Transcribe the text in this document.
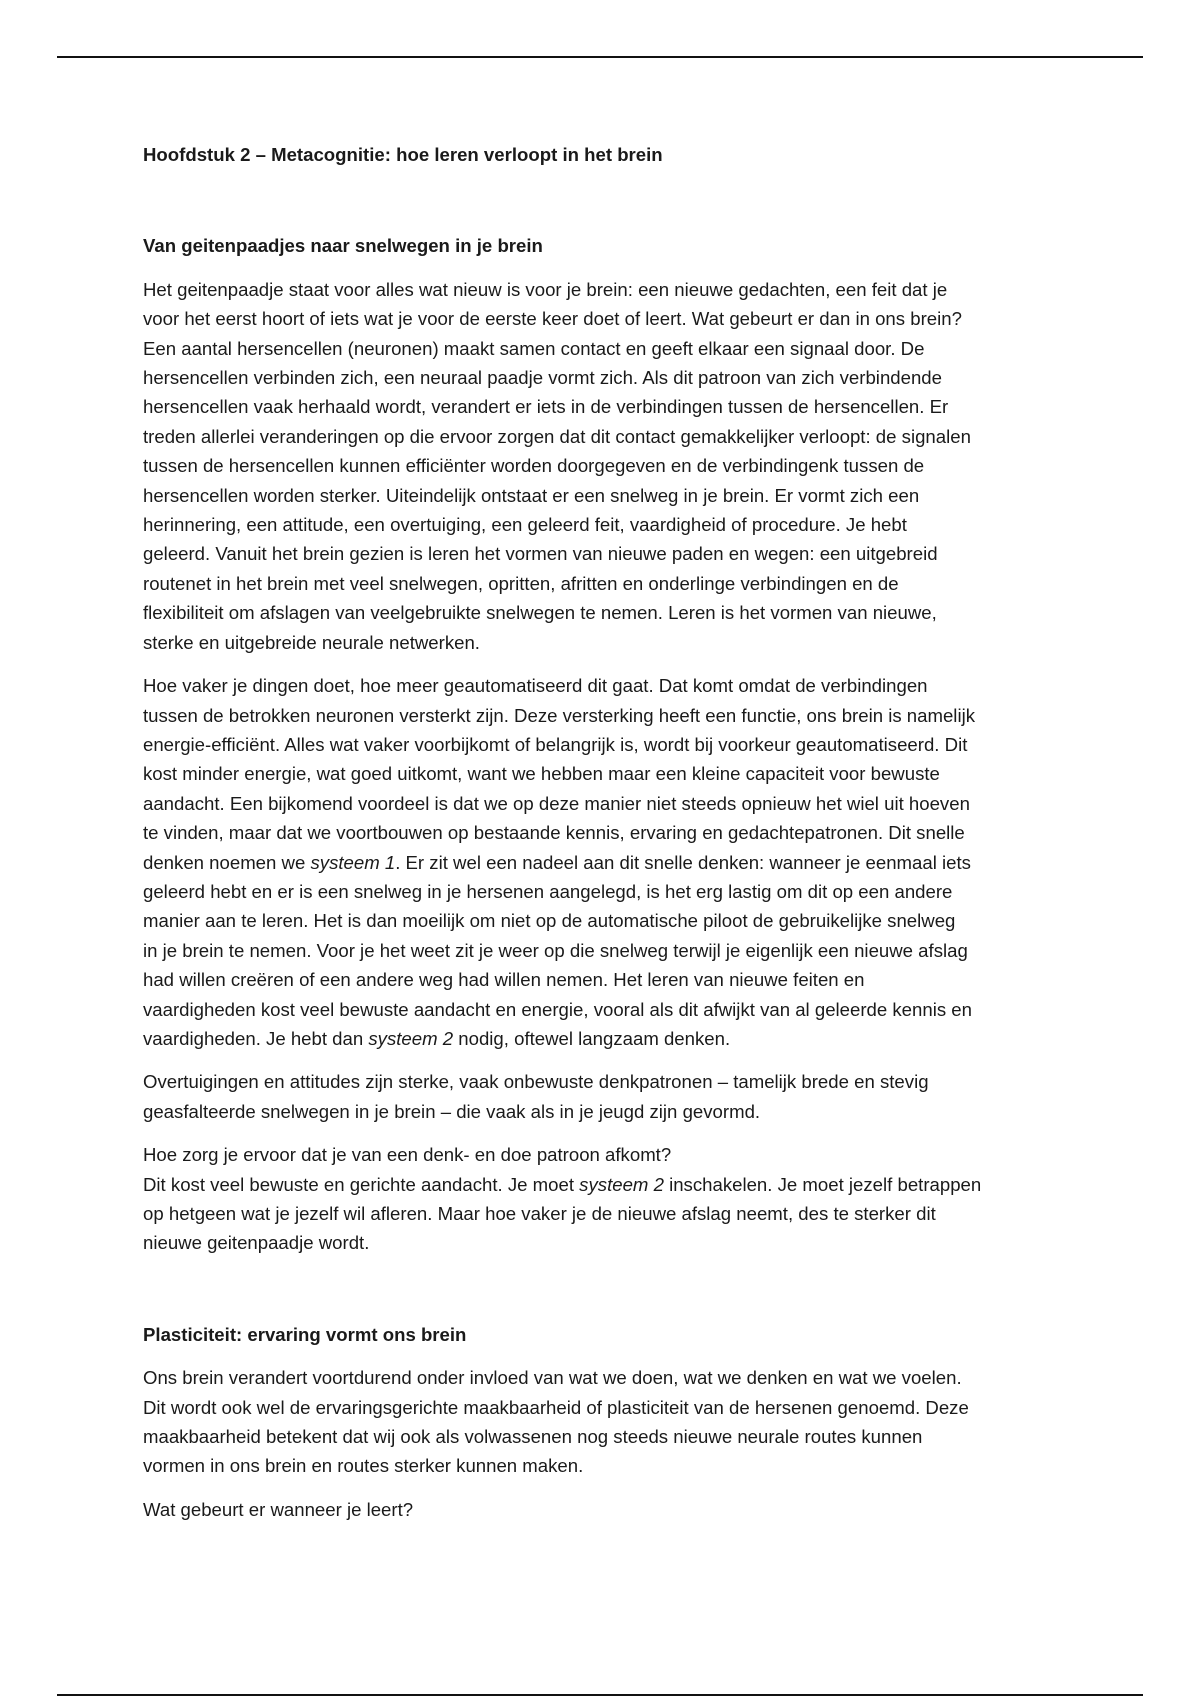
Hoofdstuk 2 – Metacognitie: hoe leren verloopt in het brein

Van geitenpaadjes naar snelwegen in je brein

Het geitenpaadje staat voor alles wat nieuw is voor je brein: een nieuwe gedachten, een feit dat je
voor het eerst hoort of iets wat je voor de eerste keer doet of leert. Wat gebeurt er dan in ons brein?
Een aantal hersencellen (neuronen) maakt samen contact en geeft elkaar een signaal door. De
hersencellen verbinden zich, een neuraal paadje vormt zich. Als dit patroon van zich verbindende
hersencellen vaak herhaald wordt, verandert er iets in de verbindingen tussen de hersencellen. Er
treden allerlei veranderingen op die ervoor zorgen dat dit contact gemakkelijker verloopt: de signalen
tussen de hersencellen kunnen efficiënter worden doorgegeven en de verbindingenk tussen de
hersencellen worden sterker. Uiteindelijk ontstaat er een snelweg in je brein. Er vormt zich een
herinnering, een attitude, een overtuiging, een geleerd feit, vaardigheid of procedure. Je hebt
geleerd. Vanuit het brein gezien is leren het vormen van nieuwe paden en wegen: een uitgebreid
routenet in het brein met veel snelwegen, opritten, afritten en onderlinge verbindingen en de
flexibiliteit om afslagen van veelgebruikte snelwegen te nemen. Leren is het vormen van nieuwe,
sterke en uitgebreide neurale netwerken.

Hoe vaker je dingen doet, hoe meer geautomatiseerd dit gaat. Dat komt omdat de verbindingen
tussen de betrokken neuronen versterkt zijn. Deze versterking heeft een functie, ons brein is namelijk
energie-efficiënt. Alles wat vaker voorbijkomt of belangrijk is, wordt bij voorkeur geautomatiseerd. Dit
kost minder energie, wat goed uitkomt, want we hebben maar een kleine capaciteit voor bewuste
aandacht. Een bijkomend voordeel is dat we op deze manier niet steeds opnieuw het wiel uit hoeven
te vinden, maar dat we voortbouwen op bestaande kennis, ervaring en gedachtepatronen. Dit snelle
denken noemen we systeem 1. Er zit wel een nadeel aan dit snelle denken: wanneer je eenmaal iets
geleerd hebt en er is een snelweg in je hersenen aangelegd, is het erg lastig om dit op een andere
manier aan te leren. Het is dan moeilijk om niet op de automatische piloot de gebruikelijke snelweg
in je brein te nemen. Voor je het weet zit je weer op die snelweg terwijl je eigenlijk een nieuwe afslag
had willen creëren of een andere weg had willen nemen. Het leren van nieuwe feiten en
vaardigheden kost veel bewuste aandacht en energie, vooral als dit afwijkt van al geleerde kennis en
vaardigheden. Je hebt dan systeem 2 nodig, oftewel langzaam denken.

Overtuigingen en attitudes zijn sterke, vaak onbewuste denkpatronen – tamelijk brede en stevig
geasfalteerde snelwegen in je brein – die vaak als in je jeugd zijn gevormd.

Hoe zorg je ervoor dat je van een denk- en doe patroon afkomt?
Dit kost veel bewuste en gerichte aandacht. Je moet systeem 2 inschakelen. Je moet jezelf betrappen
op hetgeen wat je jezelf wil afleren. Maar hoe vaker je de nieuwe afslag neemt, des te sterker dit
nieuwe geitenpaadje wordt.

Plasticiteit: ervaring vormt ons brein

Ons brein verandert voortdurend onder invloed van wat we doen, wat we denken en wat we voelen.
Dit wordt ook wel de ervaringsgerichte maakbaarheid of plasticiteit van de hersenen genoemd. Deze
maakbaarheid betekent dat wij ook als volwassenen nog steeds nieuwe neurale routes kunnen
vormen in ons brein en routes sterker kunnen maken.

Wat gebeurt er wanneer je leert?
